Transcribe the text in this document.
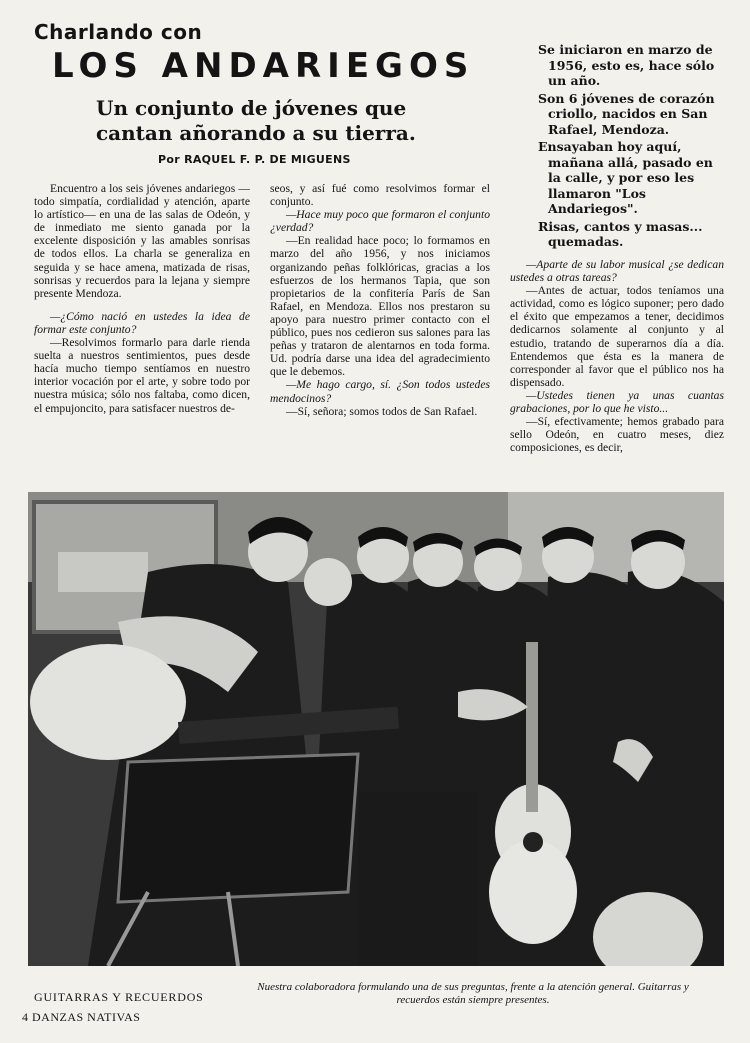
Charlando con
LOS ANDARIEGOS
Un conjunto de jóvenes que cantan añorando a su tierra.
Por RAQUEL F. P. DE MIGUENS

Se iniciaron en marzo de 1956, esto es, hace sólo un año.

Son 6 jóvenes de corazón criollo, nacidos en San Rafael, Mendoza.

Ensayaban hoy aquí, mañana allá, pasado en la calle, y por eso les llamaron "Los Andariegos".

Risas, cantos y masas... quemadas.

Encuentro a los seis jóvenes andariegos —todo simpatía, cordialidad y atención, aparte lo artístico— en una de las salas de Odeón, y de inmediato me siento ganada por la excelente disposición y las amables sonrisas de todos ellos. La charla se generaliza en seguida y se hace amena, matizada de risas, sonrisas y recuerdos para la lejana y siempre presente Mendoza.

—¿Cómo nació en ustedes la idea de formar este conjunto?

—Resolvimos formarlo para darle rienda suelta a nuestros sentimientos, pues desde hacía mucho tiempo sentíamos en nuestro interior vocación por el arte, y sobre todo por nuestra música; sólo nos faltaba, como dicen, el empujoncito, para satisfacer nuestros de-

seos, y así fué como resolvimos formar el conjunto.

—Hace muy poco que formaron el conjunto ¿verdad?

—En realidad hace poco; lo formamos en marzo del año 1956, y nos iniciamos organizando peñas folklóricas, gracias a los esfuerzos de los hermanos Tapia, que son propietarios de la confitería París de San Rafael, en Mendoza. Ellos nos prestaron su apoyo para nuestro primer contacto con el público, pues nos cedieron sus salones para las peñas y trataron de alentarnos en toda forma. Ud. podría darse una idea del agradecimiento que le debemos.

—Me hago cargo, sí. ¿Son todos ustedes mendocinos?

—Sí, señora; somos todos de San Rafael.

—Aparte de su labor musical ¿se dedican ustedes a otras tareas?

—Antes de actuar, todos teníamos una actividad, como es lógico suponer; pero dado el éxito que empezamos a tener, decidimos dedicarnos solamente al conjunto y al estudio, tratando de superarnos día a día. Entendemos que ésta es la manera de corresponder al favor que el público nos ha dispensado.

—Ustedes tienen ya unas cuantas grabaciones, por lo que he visto...

—Sí, efectivamente; hemos grabado para sello Odeón, en cuatro meses, diez composiciones, es decir,

GUITARRAS Y RECUERDOS
Nuestra colaboradora formulando una de sus preguntas, frente a la atención general. Guitarras y recuerdos están siempre presentes.
4 DANZAS NATIVAS
